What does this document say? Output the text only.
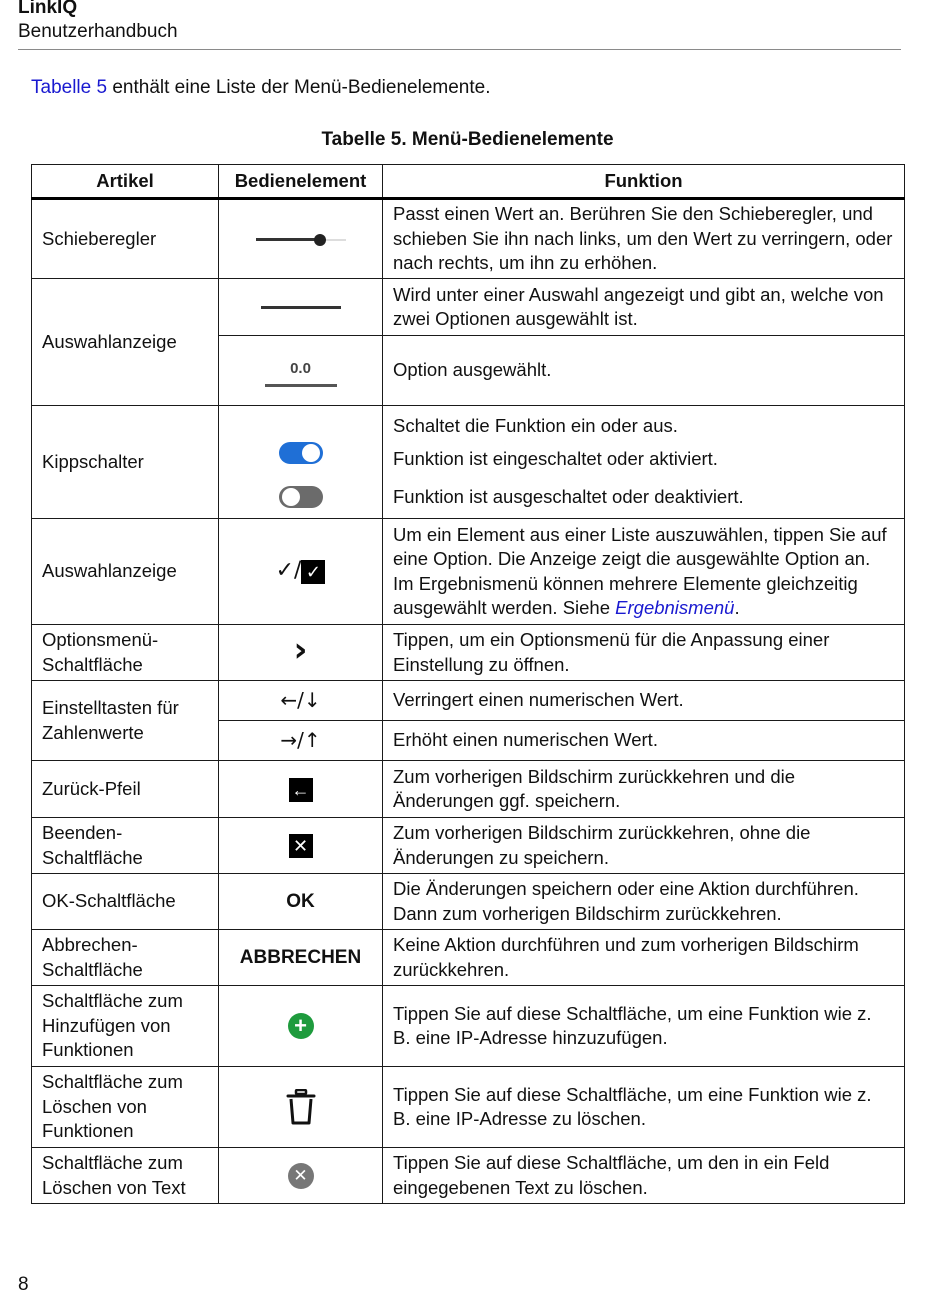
LinkIQ
Benutzerhandbuch
Tabelle 5 enthält eine Liste der Menü-Bedienelemente.
Tabelle 5. Menü-Bedienelemente
Artikel	Bedienelement	Funktion
Schieberegler		Passt einen Wert an. Berühren Sie den Schieberegler, und schieben Sie ihn nach links, um den Wert zu verringern, oder nach rechts, um ihn zu erhöhen.
Auswahlanzeige		Wird unter einer Auswahl angezeigt und gibt an, welche von zwei Optionen ausgewählt ist.

	0.0	Option ausgewählt.
Kippschalter		Schaltet die Funktion ein oder aus.
Funktion ist eingeschaltet oder aktiviert.
Funktion ist ausgeschaltet oder deaktiviert.

Auswahlanzeige	✓/ ✓	Um ein Element aus einer Liste auszuwählen, tippen Sie auf eine Option. Die Anzeige zeigt die ausgewählte Option an. Im Ergebnismenü können mehrere Elemente gleichzeitig ausgewählt werden. Siehe Ergebnismenü.
Optionsmenü-Schaltfläche	›	Tippen, um ein Optionsmenü für die Anpassung einer Einstellung zu öffnen.
Einstelltasten für Zahlenwerte	←/↓	Verringert einen numerischen Wert.
	→/↑	Erhöht einen numerischen Wert.
Zurück-Pfeil	←	Zum vorherigen Bildschirm zurückkehren und die Änderungen ggf. speichern.
Beenden-Schaltfläche	✕	Zum vorherigen Bildschirm zurückkehren, ohne die Änderungen zu speichern.
OK-Schaltfläche	OK	Die Änderungen speichern oder eine Aktion durchführen. Dann zum vorherigen Bildschirm zurückkehren.
Abbrechen-Schaltfläche	ABBRECHEN	Keine Aktion durchführen und zum vorherigen Bildschirm zurückkehren.
Schaltfläche zum Hinzufügen von Funktionen	+	Tippen Sie auf diese Schaltfläche, um eine Funktion wie z. B. eine IP-Adresse hinzuzufügen.
Schaltfläche zum Löschen von Funktionen		Tippen Sie auf diese Schaltfläche, um eine Funktion wie z. B. eine IP-Adresse zu löschen.
Schaltfläche zum Löschen von Text	✕	Tippen Sie auf diese Schaltfläche, um den in ein Feld eingegebenen Text zu löschen.
8
